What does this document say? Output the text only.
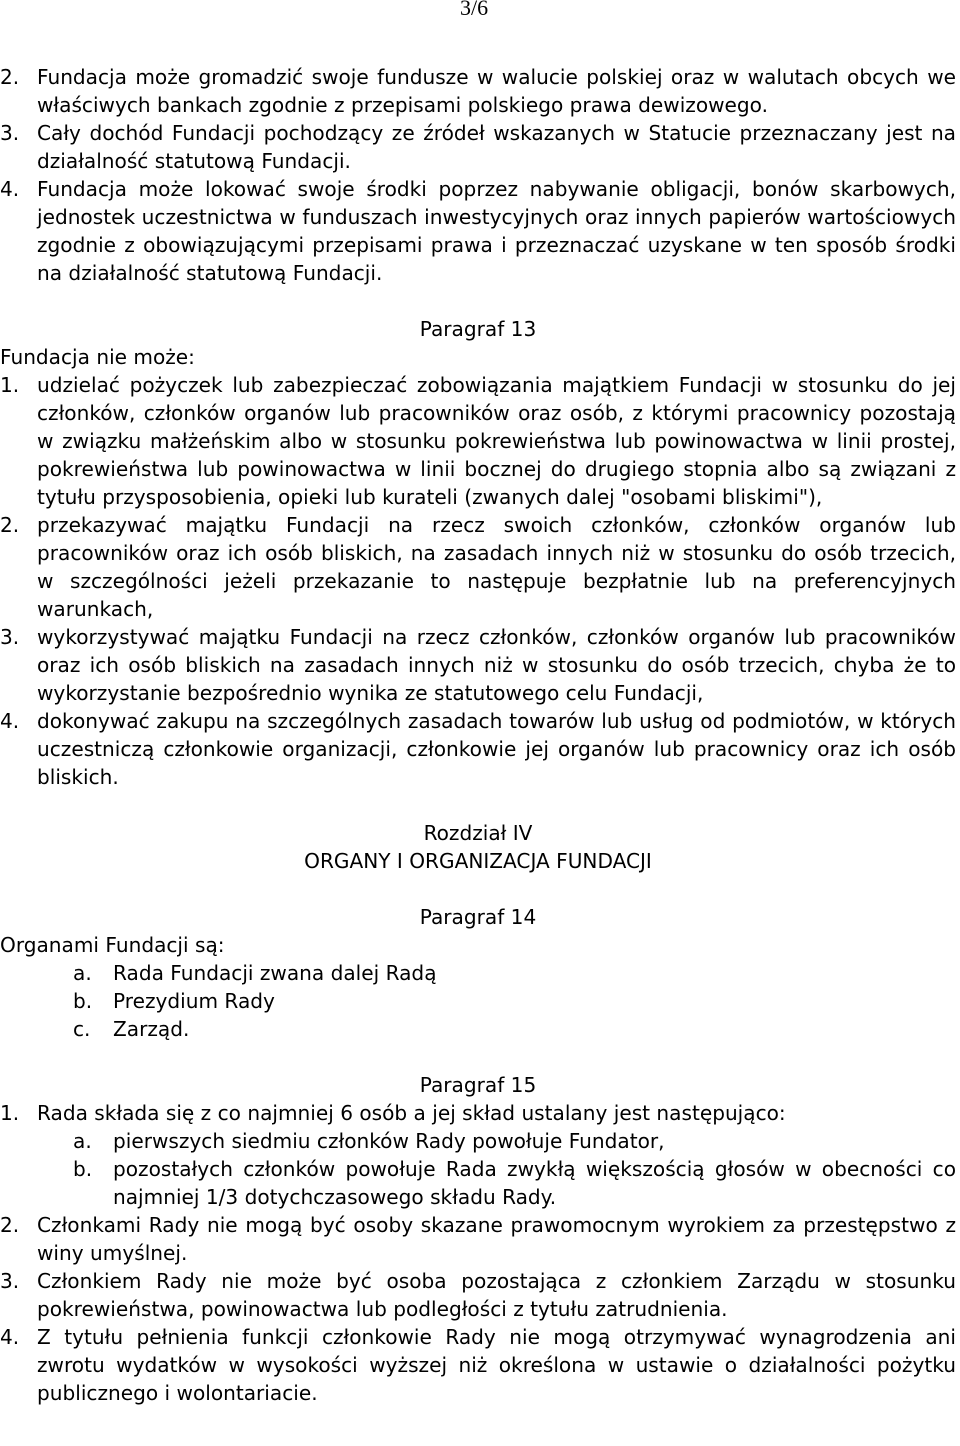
3/6
2. Fundacja może gromadzić swoje fundusze w walucie polskiej oraz w walutach obcych we właściwych bankach zgodnie z przepisami polskiego prawa dewizowego.
3. Cały dochód Fundacji pochodzący ze źródeł wskazanych w Statucie przeznaczany jest na działalność statutową Fundacji.
4. Fundacja może lokować swoje środki poprzez nabywanie obligacji, bonów skarbowych, jednostek uczestnictwa w funduszach inwestycyjnych oraz innych papierów wartościowych zgodnie z obowiązującymi przepisami prawa i przeznaczać uzyskane w ten sposób środki na działalność statutową Fundacji.
Paragraf 13
Fundacja nie może:
1. udzielać pożyczek lub zabezpieczać zobowiązania majątkiem Fundacji w stosunku do jej członków, członków organów lub pracowników oraz osób, z którymi pracownicy pozostają w związku małżeńskim albo w stosunku pokrewieństwa lub powinowactwa w linii prostej, pokrewieństwa lub powinowactwa w linii bocznej do drugiego stopnia albo są związani z tytułu przysposobienia, opieki lub kurateli (zwanych dalej "osobami bliskimi"),
2. przekazywać majątku Fundacji na rzecz swoich członków, członków organów lub pracowników oraz ich osób bliskich, na zasadach innych niż w stosunku do osób trzecich, w szczególności jeżeli przekazanie to następuje bezpłatnie lub na preferencyjnych warunkach,
3. wykorzystywać majątku Fundacji na rzecz członków, członków organów lub pracowników oraz ich osób bliskich na zasadach innych niż w stosunku do osób trzecich, chyba że to wykorzystanie bezpośrednio wynika ze statutowego celu Fundacji,
4. dokonywać zakupu na szczególnych zasadach towarów lub usług od podmiotów, w których uczestniczą członkowie organizacji, członkowie jej organów lub pracownicy oraz ich osób bliskich.
Rozdział IV
ORGANY I ORGANIZACJA FUNDACJI
Paragraf 14
Organami Fundacji są:
a.	Rada Fundacji zwana dalej Radą
b.	Prezydium Rady
c.	Zarząd.
Paragraf 15
1. Rada składa się z co najmniej 6 osób a jej skład ustalany jest następująco:
a.	pierwszych siedmiu członków Rady powołuje Fundator,
b.	pozostałych członków powołuje Rada zwykłą większością głosów w obecności co najmniej 1/3 dotychczasowego składu Rady.
2. Członkami Rady nie mogą być osoby skazane prawomocnym wyrokiem za przestępstwo z winy umyślnej.
3. Członkiem Rady nie może być osoba pozostająca z członkiem Zarządu w stosunku pokrewieństwa, powinowactwa lub podległości z tytułu zatrudnienia.
4. Z tytułu pełnienia funkcji członkowie Rady nie mogą otrzymywać wynagrodzenia ani zwrotu wydatków w wysokości wyższej niż określona w ustawie o działalności pożytku publicznego i wolontariacie.
